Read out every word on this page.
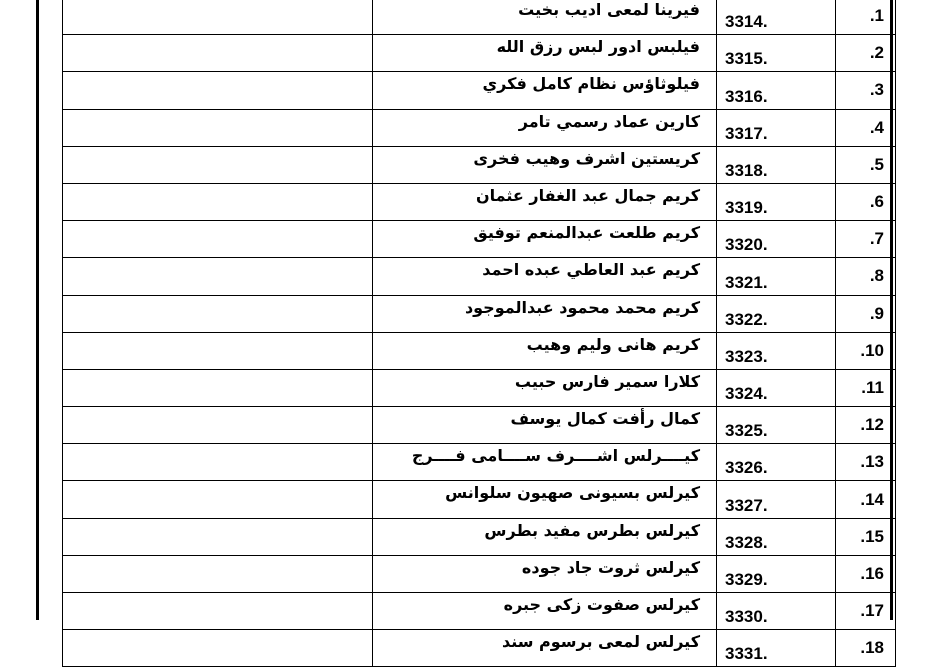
	فيرينا لمعى اديب بخيت	3314.	.1
	فيلبس ادور لبس رزق الله	3315.	.2
	فيلوثاؤس نظام كامل فكري	3316.	.3
	كارين عماد رسمي تامر	3317.	.4
	كريستين اشرف وهيب فخرى	3318.	.5
	كريم جمال عبد الغفار عثمان	3319.	.6
	كريم طلعت عبدالمنعم توفيق	3320.	.7
	كريم عبد العاطي عبده احمد	3321.	.8
	كريم محمد محمود عبدالموجود	3322.	.9
	كريم هانى وليم وهيب	3323.	.10
	كلارا سمير فارس حبيب	3324.	.11
	كمال رأفت كمال يوسف	3325.	.12
	كيــــرلس اشــــرف ســــامى فــــرج	3326.	.13
	كيرلس بسيونى صهيون سلوانس	3327.	.14
	كيرلس بطرس مفيد بطرس	3328.	.15
	كيرلس ثروت جاد جوده	3329.	.16
	كيرلس صفوت زكى جبره	3330.	.17
	كيرلس لمعى برسوم سند	3331.	.18
